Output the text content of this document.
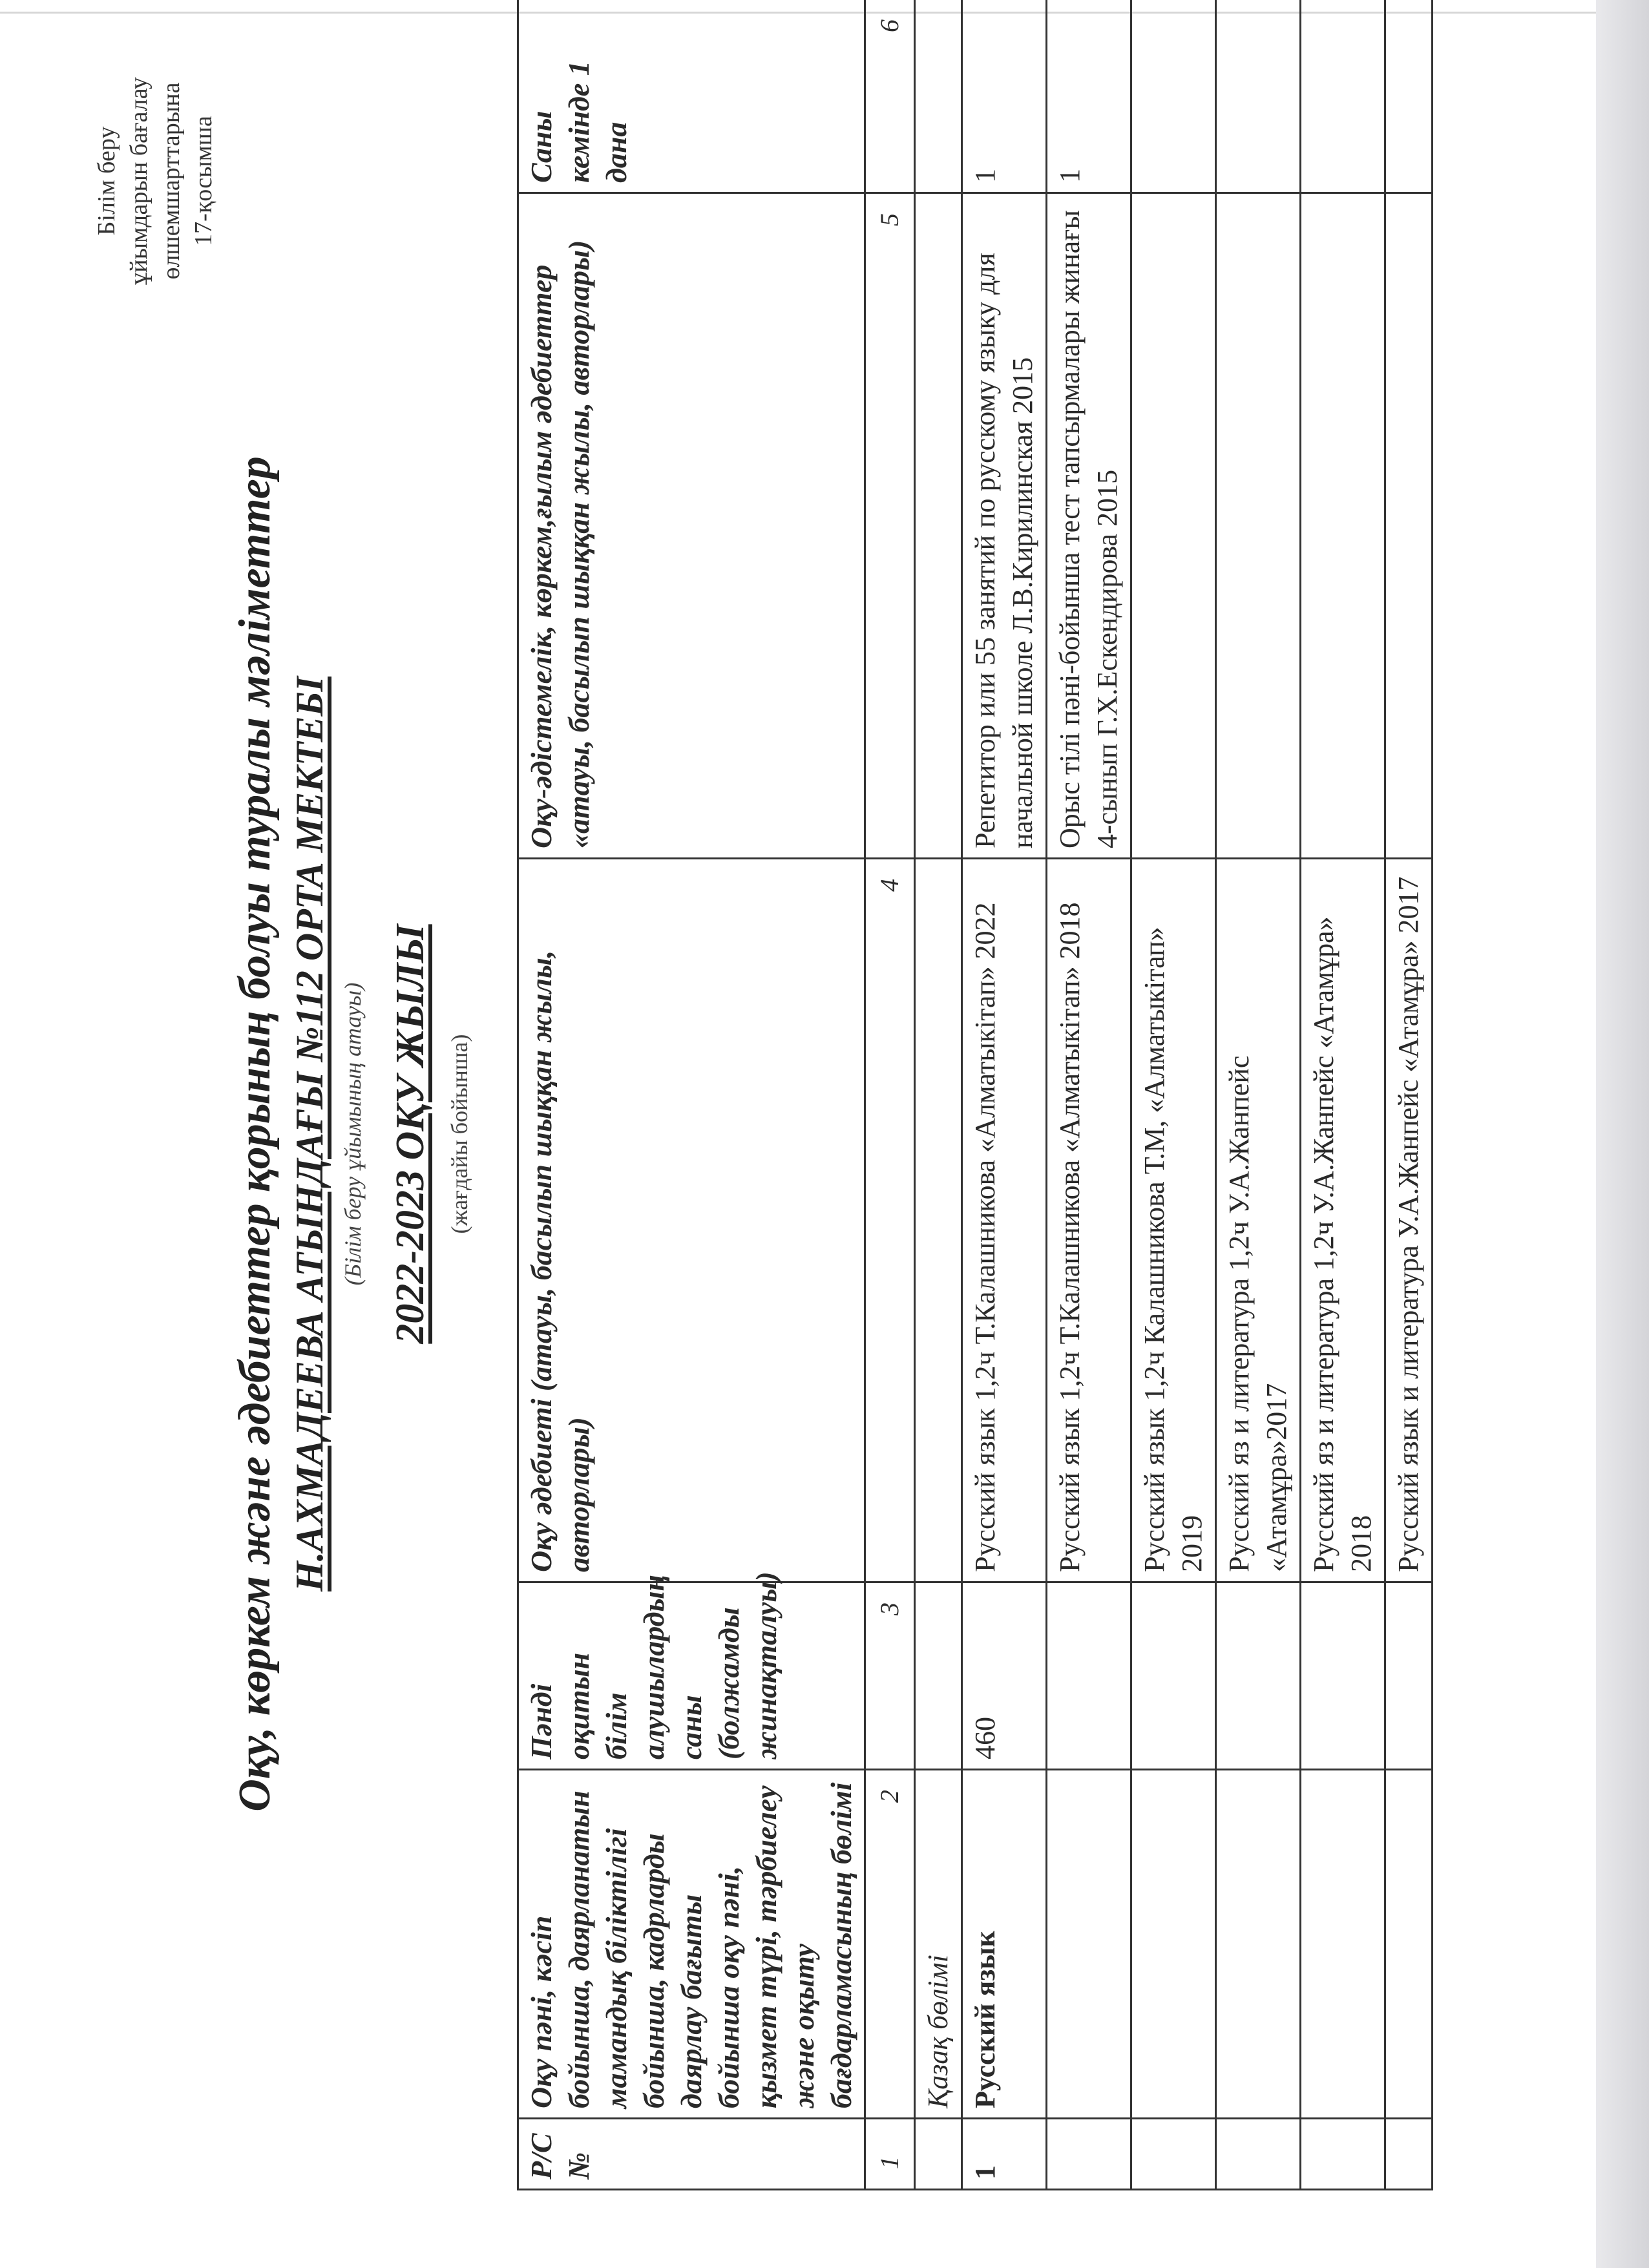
Білім беру ұйымдарын бағалау өлшемшарттарына 17-қосымша
Оқу, көркем және әдебиеттер қорының болуы туралы мәліметтер Н.АХМАДЕЕВА АТЫНДАҒЫ №112 ОРТА МЕКТЕБІ (Білім беру ұйымының атауы) 2022-2023 ОҚУ ЖЫЛЫ (жағдайы бойынша)
Р/С №	Оқу пәні, кәсіп бойынша, даярланатын мамандық біліктілігі бойынша, кадрларды даярлау бағыты бойынша оқу пәні, қызмет түрі, тәрбиелеу және оқыту бағдарламасының бөлімі	Пәнді оқитын білім алушылардың саны (болжамды жинақталуы)	Оқу әдебиеті (атауы, басылып шыққан жылы, авторлары)	Оқу-әдістемелік, көркем,ғылым әдебиеттер «атауы, басылып шыққан жылы, авторлары)	Саны кемінде 1 дана
1	2	3	4	5	6
	Қазақ бөлімі				
1	Русский язык	460	Русский язык 1,2ч Т.Калашникова «Алматыкітап» 2022	Репетитор или 55 занятий по русскому языку для начальной школе Л.В.Кирилинская 2015	1
			Русский язык 1,2ч Т.Калашникова «Алматыкітап» 2018	Орыс тілі пәні-бойынша тест тапсырмалары жинағы 4-сынып Г.Х.Ескендирова 2015	1
			Русский язык 1,2ч Калашникова Т.М, «Алматыкітап» 2019		
			Русский яз и литература 1,2ч У.А.Жанпейс «Атамұра»2017		
			Русский яз и литература 1,2ч У.А.Жанпейс «Атамұра» 2018		
			Русский язык и литература У.А.Жанпейс «Атамұра» 2017		
